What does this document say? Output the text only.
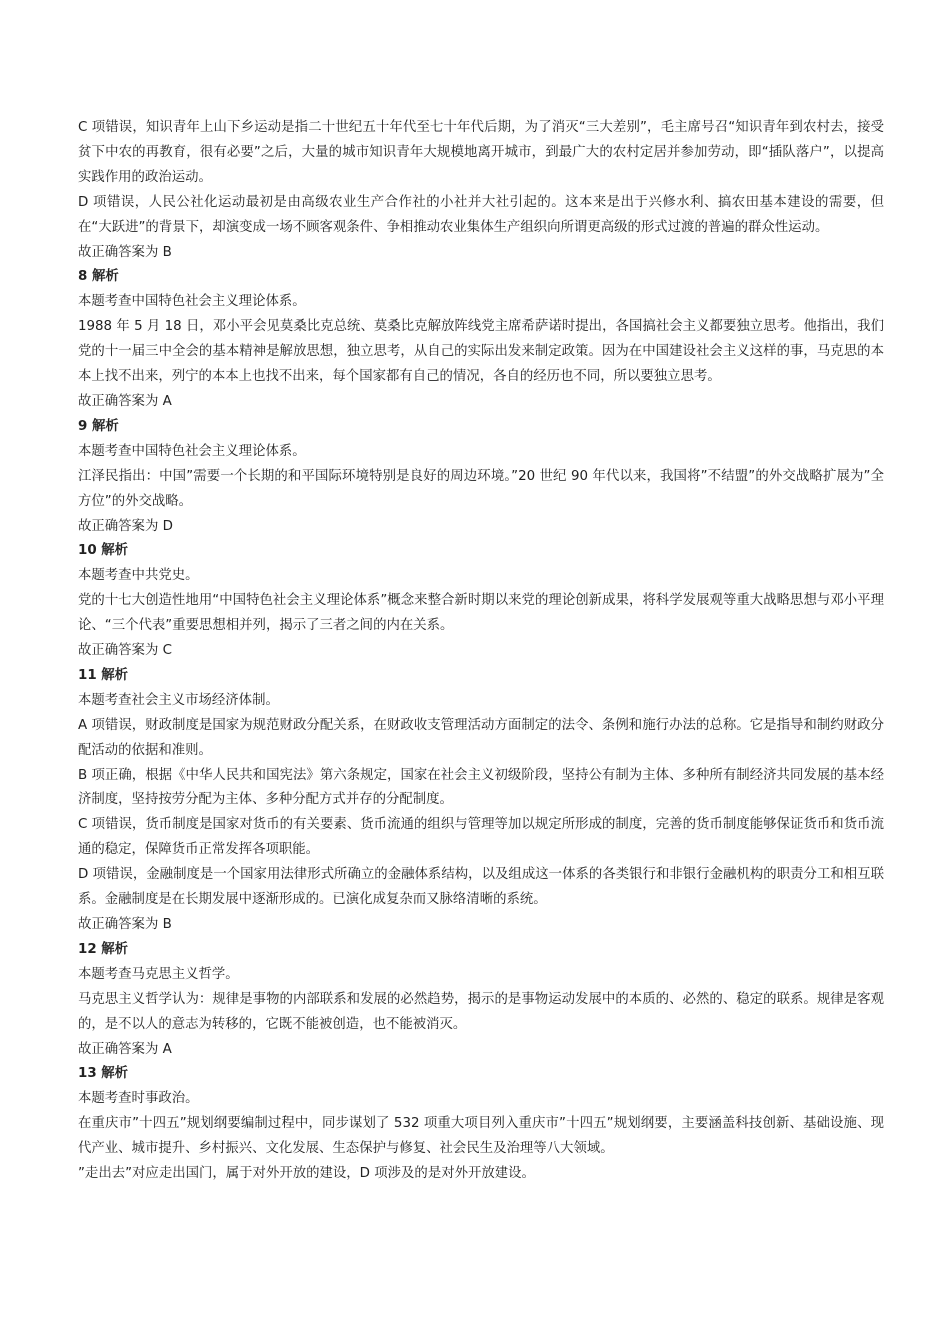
C 项错误，知识青年上山下乡运动是指二十世纪五十年代至七十年代后期，为了消灭“三大差别”，毛主席号召“知识青年到农村去，接受贫下中农的再教育，很有必要”之后，大量的城市知识青年大规模地离开城市，到最广大的农村定居并参加劳动，即“插队落户”，以提高实践作用的政治运动。

D 项错误，人民公社化运动最初是由高级农业生产合作社的小社并大社引起的。这本来是出于兴修水利、搞农田基本建设的需要，但在“大跃进”的背景下，却演变成一场不顾客观条件、争相推动农业集体生产组织向所谓更高级的形式过渡的普遍的群众性运动。

故正确答案为 B

8 解析

本题考查中国特色社会主义理论体系。

1988 年 5 月 18 日，邓小平会见莫桑比克总统、莫桑比克解放阵线党主席希萨诺时提出，各国搞社会主义都要独立思考。他指出，我们党的十一届三中全会的基本精神是解放思想，独立思考，从自己的实际出发来制定政策。因为在中国建设社会主义这样的事，马克思的本本上找不出来，列宁的本本上也找不出来，每个国家都有自己的情况，各自的经历也不同，所以要独立思考。

故正确答案为 A

9 解析

本题考查中国特色社会主义理论体系。

江泽民指出：中国”需要一个长期的和平国际环境特别是良好的周边环境。”20 世纪 90 年代以来，我国将”不结盟”的外交战略扩展为”全方位”的外交战略。

故正确答案为 D

10 解析

本题考查中共党史。

党的十七大创造性地用“中国特色社会主义理论体系”概念来整合新时期以来党的理论创新成果，将科学发展观等重大战略思想与邓小平理论、“三个代表”重要思想相并列，揭示了三者之间的内在关系。

故正确答案为 C

11 解析

本题考查社会主义市场经济体制。

A 项错误，财政制度是国家为规范财政分配关系，在财政收支管理活动方面制定的法令、条例和施行办法的总称。它是指导和制约财政分配活动的依据和准则。

B 项正确，根据《中华人民共和国宪法》第六条规定，国家在社会主义初级阶段，坚持公有制为主体、多种所有制经济共同发展的基本经济制度，坚持按劳分配为主体、多种分配方式并存的分配制度。

C 项错误，货币制度是国家对货币的有关要素、货币流通的组织与管理等加以规定所形成的制度，完善的货币制度能够保证货币和货币流通的稳定，保障货币正常发挥各项职能。

D 项错误，金融制度是一个国家用法律形式所确立的金融体系结构，以及组成这一体系的各类银行和非银行金融机构的职责分工和相互联系。金融制度是在长期发展中逐渐形成的。已演化成复杂而又脉络清晰的系统。

故正确答案为 B

12 解析

本题考查马克思主义哲学。

马克思主义哲学认为：规律是事物的内部联系和发展的必然趋势，揭示的是事物运动发展中的本质的、必然的、稳定的联系。规律是客观的，是不以人的意志为转移的，它既不能被创造，也不能被消灭。

故正确答案为 A

13 解析

本题考查时事政治。

在重庆市”十四五”规划纲要编制过程中，同步谋划了 532 项重大项目列入重庆市”十四五”规划纲要，主要涵盖科技创新、基础设施、现代产业、城市提升、乡村振兴、文化发展、生态保护与修复、社会民生及治理等八大领域。

”走出去”对应走出国门，属于对外开放的建设，D 项涉及的是对外开放建设。
